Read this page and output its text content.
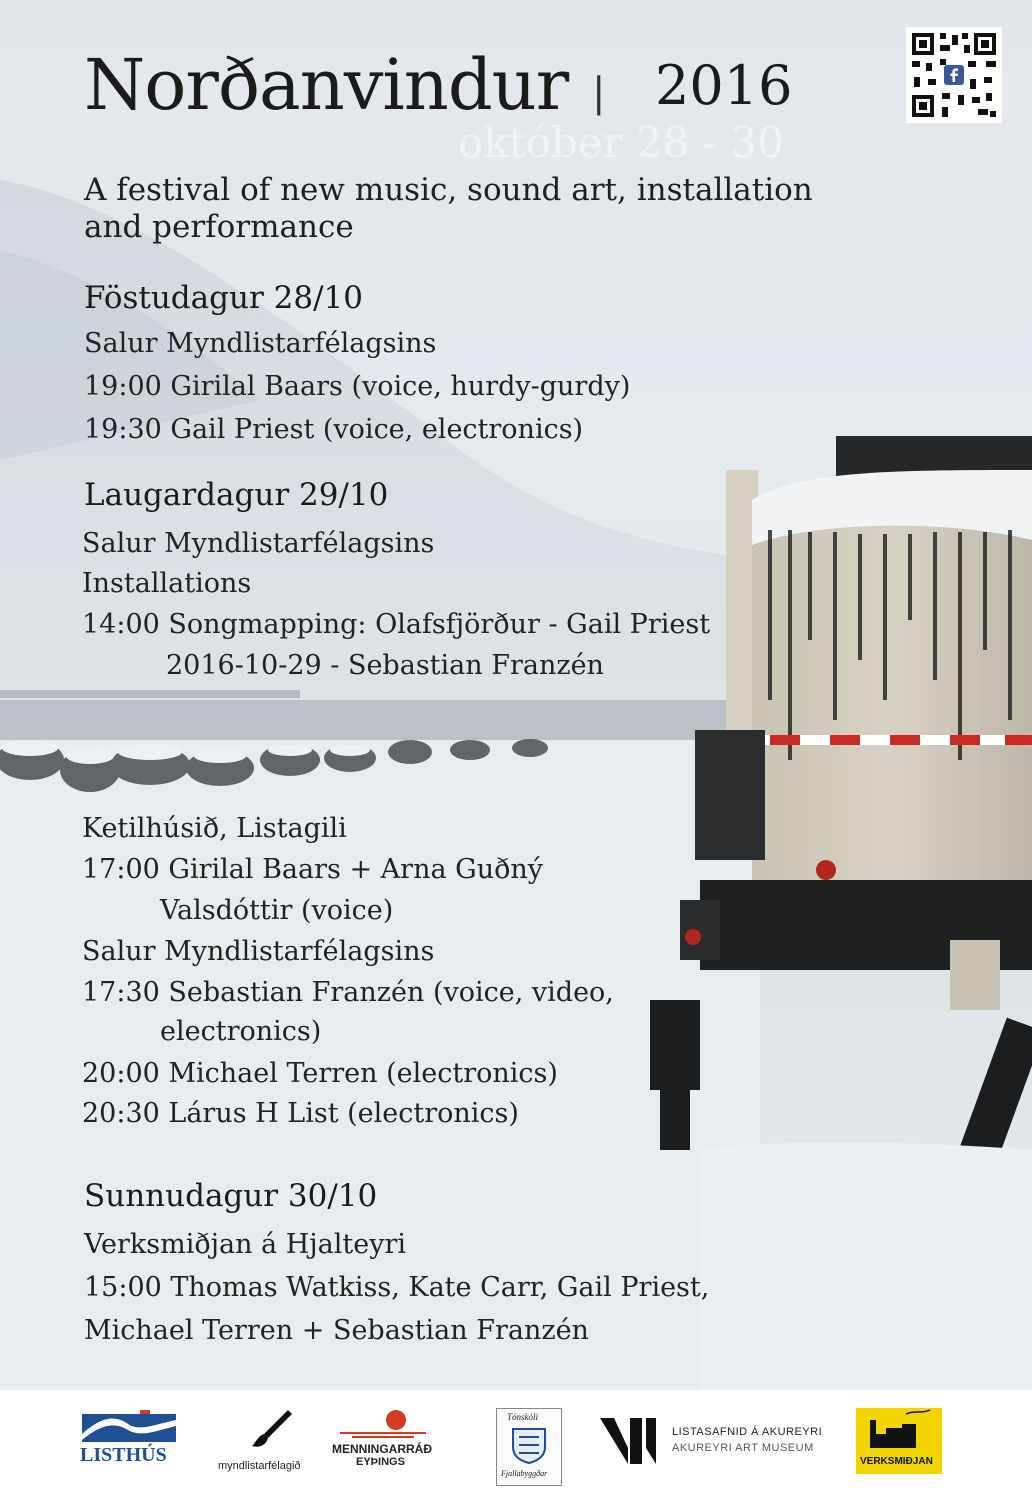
Norðanvindur | 2016
október 28 - 30
A festival of new music, sound art, installation
and performance
Föstudagur 28/10
Salur Myndlistarfélagsins
19:00 Girilal Baars (voice, hurdy-gurdy)
19:30 Gail Priest (voice, electronics)
Laugardagur 29/10
Salur Myndlistarfélagsins
Installations
14:00 Songmapping: Olafsfjörður - Gail Priest
2016-10-29 - Sebastian Franzén
Ketilhúsið, Listagili
17:00 Girilal Baars + Arna Guðný
Valsdóttir (voice)
Salur Myndlistarfélagsins
17:30 Sebastian Franzén (voice, video,
electronics)
20:00 Michael Terren (electronics)
20:30 Lárus H List (electronics)
Sunnudagur 30/10
Verksmiðjan á Hjalteyri
15:00 Thomas Watkiss, Kate Carr, Gail Priest,
Michael Terren + Sebastian Franzén
LISTHÚS	myndlistarfélagið
MENNINGARRÁÐ
EYÞINGS
Tónskóli
Fjallabyggðar
LISTASAFNID Á AKUREYRI
AKUREYRI ART MUSEUM
VERKSMIÐJAN
